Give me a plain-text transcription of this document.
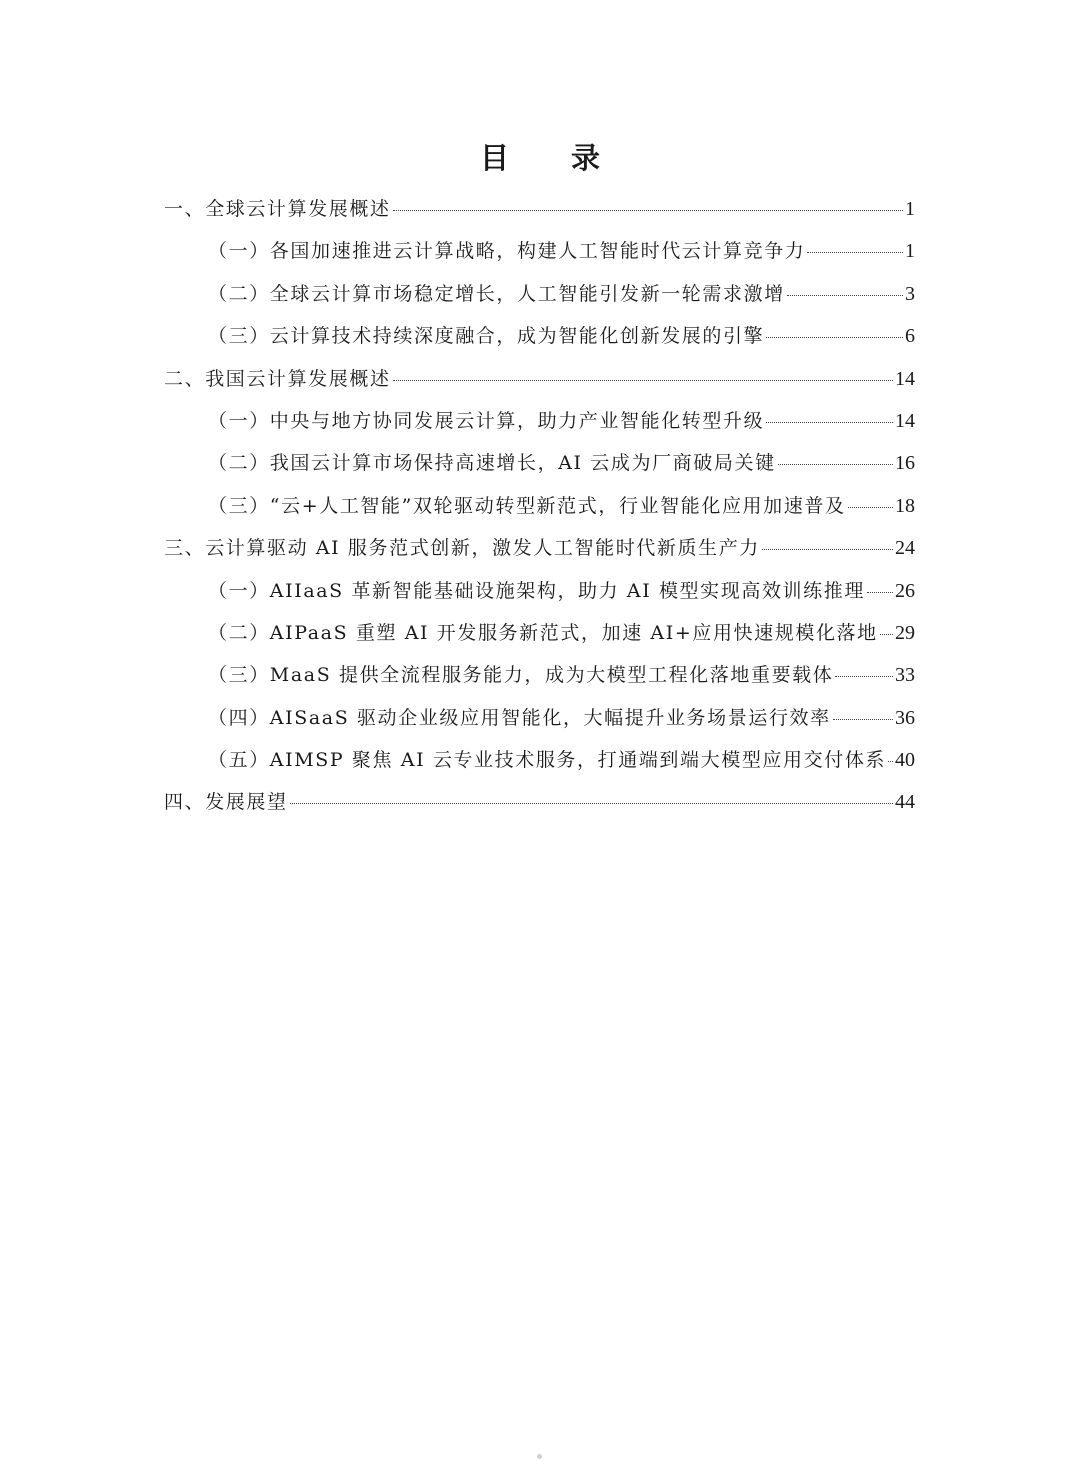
目 录
一、全球云计算发展概述	1
（一）各国加速推进云计算战略，构建人工智能时代云计算竞争力	1
（二）全球云计算市场稳定增长，人工智能引发新一轮需求激增	3
（三）云计算技术持续深度融合，成为智能化创新发展的引擎	6
二、我国云计算发展概述	14
（一）中央与地方协同发展云计算，助力产业智能化转型升级	14
（二）我国云计算市场保持高速增长，AI 云成为厂商破局关键	16
（三）“云+人工智能”双轮驱动转型新范式，行业智能化应用加速普及 18
三、云计算驱动 AI 服务范式创新，激发人工智能时代新质生产力	24
（一）AIIaaS 革新智能基础设施架构，助力 AI 模型实现高效训练推理 26
（二）AIPaaS 重塑 AI 开发服务新范式，加速 AI+应用快速规模化落地 29
（三）MaaS 提供全流程服务能力，成为大模型工程化落地重要载体	33
（四）AISaaS 驱动企业级应用智能化，大幅提升业务场景运行效率	36
（五）AIMSP 聚焦 AI 云专业技术服务，打通端到端大模型应用交付体系 40
四、发展展望	44
